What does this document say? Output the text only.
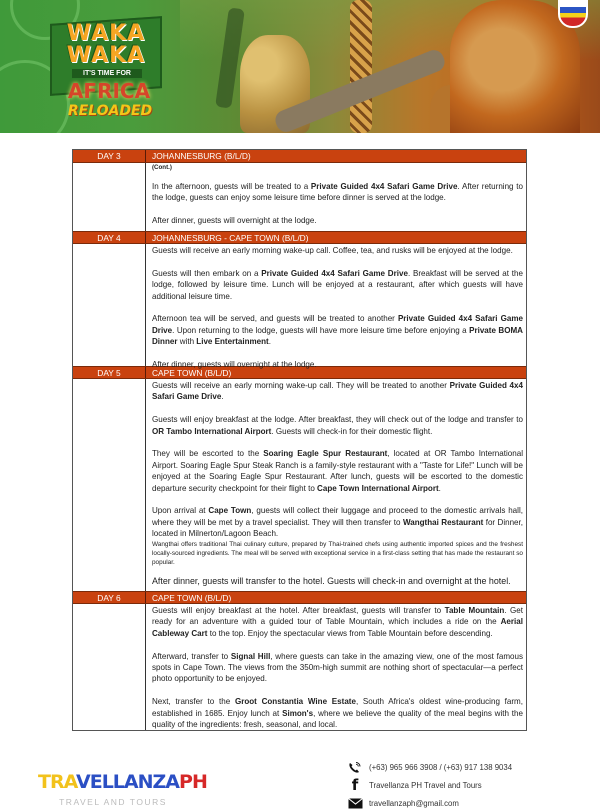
WAKA
WAKA
IT'S TIME FOR
AFRICA
RELOADED
DAY 3	JOHANNESBURG (B/L/D)

(Cont.)

In the afternoon, guests will be treated to a Private Guided 4x4 Safari Game Drive. After returning to the lodge, guests can enjoy some leisure time before dinner is served at the lodge.

After dinner, guests will overnight at the lodge.

DAY 4	JOHANNESBURG - CAPE TOWN (B/L/D)

Guests will receive an early morning wake-up call. Coffee, tea, and rusks will be enjoyed at the lodge.

Guests will then embark on a Private Guided 4x4 Safari Game Drive. Breakfast will be served at the lodge, followed by leisure time. Lunch will be enjoyed at a restaurant, after which guests will have additional leisure time.

Afternoon tea will be served, and guests will be treated to another Private Guided 4x4 Safari Game Drive. Upon returning to the lodge, guests will have more leisure time before enjoying a Private BOMA Dinner with Live Entertainment.

After dinner, guests will overnight at the lodge.

DAY 5	CAPE TOWN (B/L/D)

Guests will receive an early morning wake-up call. They will be treated to another Private Guided 4x4 Safari Game Drive.

Guests will enjoy breakfast at the lodge. After breakfast, they will check out of the lodge and transfer to OR Tambo International Airport. Guests will check-in for their domestic flight.

They will be escorted to the Soaring Eagle Spur Restaurant, located at OR Tambo International Airport. Soaring Eagle Spur Steak Ranch is a family-style restaurant with a "Taste for Life!" Lunch will be enjoyed at the Soaring Eagle Spur Restaurant. After lunch, guests will be escorted to the domestic departure security checkpoint for their flight to Cape Town International Airport.

Upon arrival at Cape Town, guests will collect their luggage and proceed to the domestic arrivals hall, where they will be met by a travel specialist. They will then transfer to Wangthai Restaurant for Dinner, located in Milnerton/Lagoon Beach.

Wangthai offers traditional Thai culinary culture, prepared by Thai-trained chefs using authentic imported spices and the freshest locally-sourced ingredients. The meal will be served with exceptional service in a first-class setting that has made the restaurant so popular.

After dinner, guests will transfer to the hotel. Guests will check-in and overnight at the hotel.

DAY 6	CAPE TOWN (B/L/D)

Guests will enjoy breakfast at the hotel. After breakfast, guests will transfer to Table Mountain. Get ready for an adventure with a guided tour of Table Mountain, which includes a ride on the Aerial Cableway Cart to the top. Enjoy the spectacular views from Table Mountain before descending.

Afterward, transfer to Signal Hill, where guests can take in the amazing view, one of the most famous spots in Cape Town. The views from the 350m-high summit are nothing short of spectacular—a perfect photo opportunity to be enjoyed.

Next, transfer to the Groot Constantia Wine Estate, South Africa's oldest wine-producing farm, established in 1685. Enjoy lunch at Simon's, where we believe the quality of the meal begins with the quality of the ingredients: fresh, seasonal, and local.

TRAVELLANZAPH
TRAVEL AND TOURS
(+63) 965 966 3908 / (+63) 917 138 9034
f	Travellanza PH Travel and Tours
travellanzaph@gmail.com
